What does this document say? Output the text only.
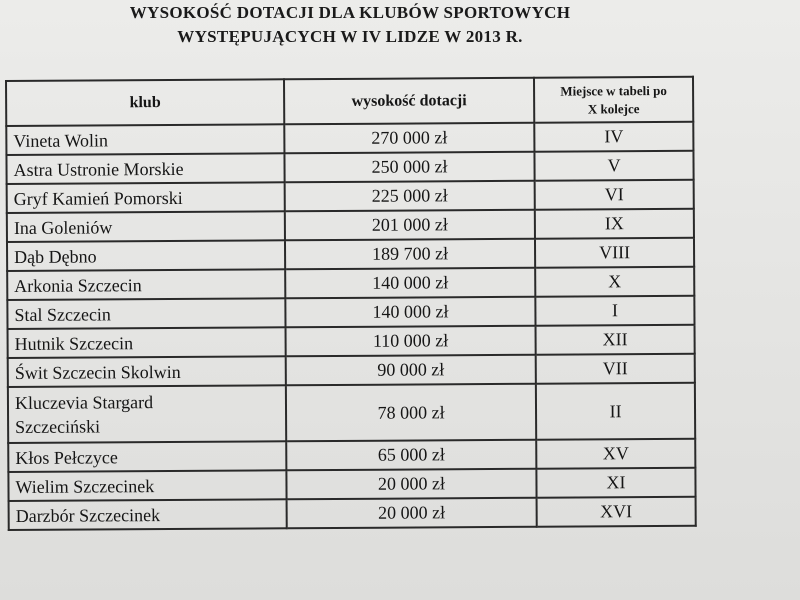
WYSOKOŚĆ DOTACJI DLA KLUBÓW SPORTOWYCH
WYSTĘPUJĄCYCH W IV LIDZE W 2013 R.
klub	wysokość dotacji	Miejsce w tabeli po
X kolejce
Vineta Wolin	270 000 zł	IV
Astra Ustronie Morskie	250 000 zł	V
Gryf Kamień Pomorski	225 000 zł	VI
Ina Goleniów	201 000 zł	IX
Dąb Dębno	189 700 zł	VIII
Arkonia Szczecin	140 000 zł	X
Stal Szczecin	140 000 zł	I
Hutnik Szczecin	110 000 zł	XII
Świt Szczecin Skolwin	90 000 zł	VII
Kluczevia Stargard
Szczeciński	78 000 zł	II
Kłos Pełczyce	65 000 zł	XV
Wielim Szczecinek	20 000 zł	XI
Darzbór Szczecinek	20 000 zł	XVI
